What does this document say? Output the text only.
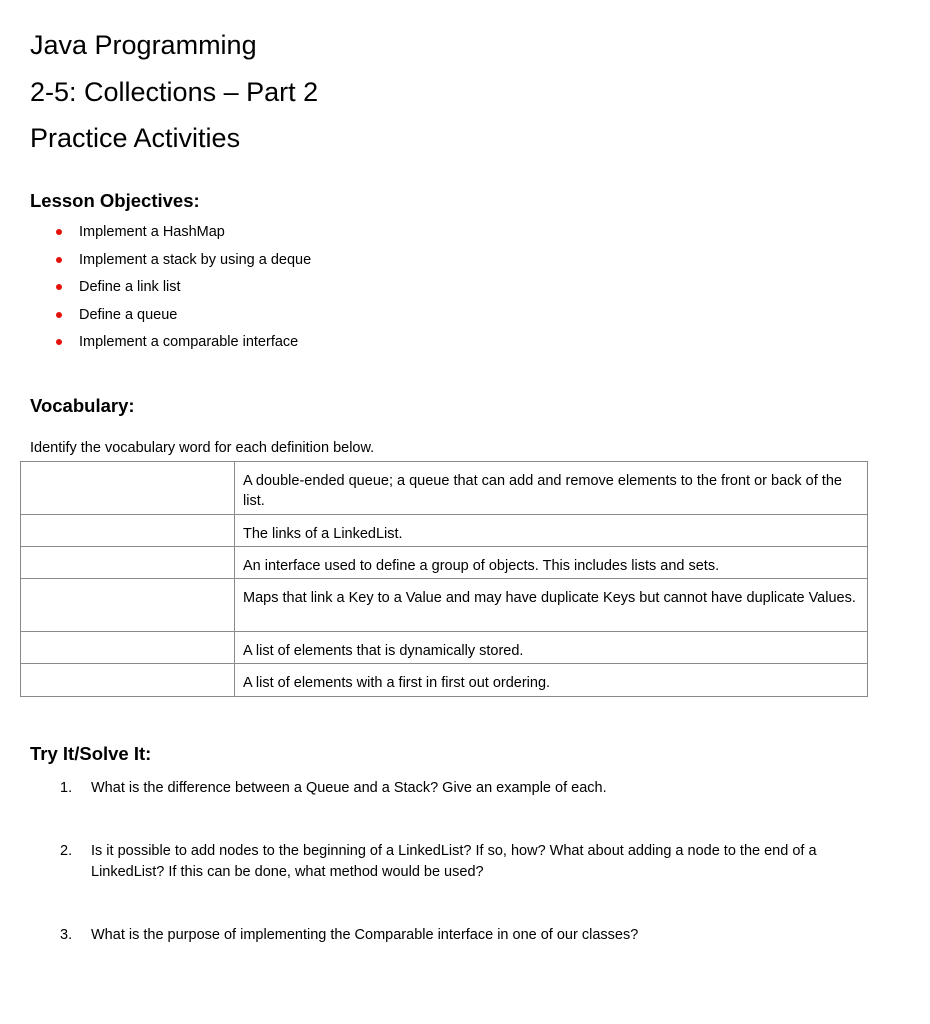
Java Programming
2-5: Collections – Part 2
Practice Activities
Lesson Objectives:
Implement a HashMap
Implement a stack by using a deque
Define a link list
Define a queue
Implement a comparable interface
Vocabulary:
Identify the vocabulary word for each definition below.
	A double-ended queue; a queue that can add and remove elements to the front or back of the list.
	The links of a LinkedList.
	An interface used to define a group of objects. This includes lists and sets.
	Maps that link a Key to a Value and may have duplicate Keys but cannot have duplicate Values.
	A list of elements that is dynamically stored.
	A list of elements with a first in first out ordering.
Try It/Solve It:
1. What is the difference between a Queue and a Stack? Give an example of each.
2. Is it possible to add nodes to the beginning of a LinkedList? If so, how? What about adding a node to the end of a LinkedList? If this can be done, what method would be used?
3. What is the purpose of implementing the Comparable interface in one of our classes?
